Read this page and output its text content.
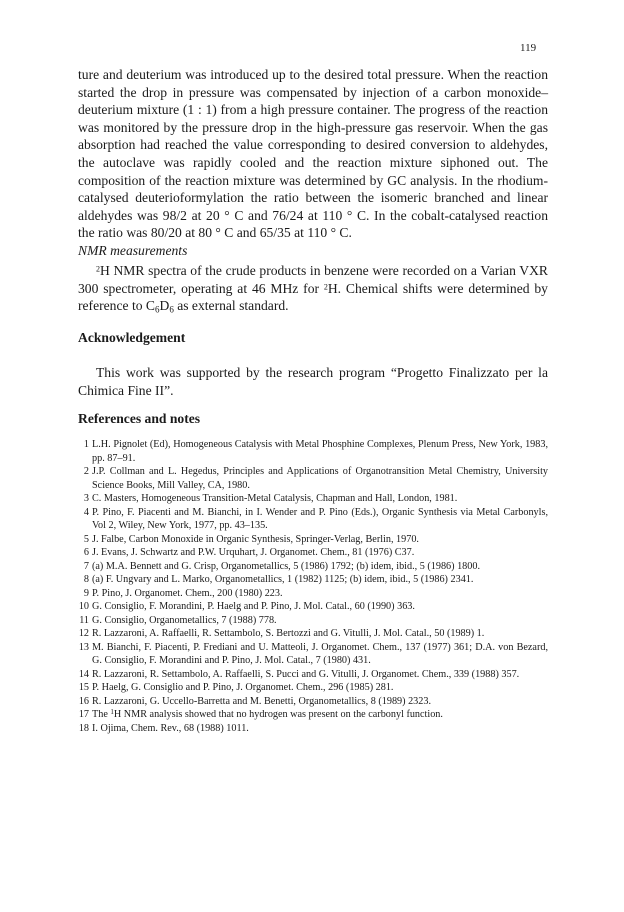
119

ture and deuterium was introduced up to the desired total pressure. When the reaction started the drop in pressure was compensated by injection of a carbon monoxide–deuterium mixture (1 : 1) from a high pressure container. The progress of the reaction was monitored by the pressure drop in the high-pressure gas reservoir. When the gas absorption had reached the value corresponding to desired conversion to aldehydes, the autoclave was rapidly cooled and the reaction mixture siphoned out. The composition of the reaction mixture was determined by GC analysis. In the rhodium-catalysed deuterioformylation the ratio between the isomeric branched and linear aldehydes was 98/2 at 20 ° C and 76/24 at 110 ° C. In the cobalt-catalysed reaction the ratio was 80/20 at 80 ° C and 65/35 at 110 ° C.

NMR measurements

$^2$H NMR spectra of the crude products in benzene were recorded on a Varian VXR 300 spectrometer, operating at 46 MHz for $^2$H. Chemical shifts were determined by reference to $C_6D_6$ as external standard.

Acknowledgement

This work was supported by the research program “Progetto Finalizzato per la Chimica Fine II”.

References and notes

1 L.H. Pignolet (Ed), Homogeneous Catalysis with Metal Phosphine Complexes, Plenum Press, New York, 1983, pp. 87–91.
2 J.P. Collman and L. Hegedus, Principles and Applications of Organotransition Metal Chemistry, University Science Books, Mill Valley, CA, 1980.
3 C. Masters, Homogeneous Transition-Metal Catalysis, Chapman and Hall, London, 1981.
4 P. Pino, F. Piacenti and M. Bianchi, in I. Wender and P. Pino (Eds.), Organic Synthesis via Metal Carbonyls, Vol 2, Wiley, New York, 1977, pp. 43–135.
5 J. Falbe, Carbon Monoxide in Organic Synthesis, Springer-Verlag, Berlin, 1970.
6 J. Evans, J. Schwartz and P.W. Urquhart, J. Organomet. Chem., 81 (1976) C37.
7 (a) M.A. Bennett and G. Crisp, Organometallics, 5 (1986) 1792; (b) idem, ibid., 5 (1986) 1800.
8 (a) F. Ungvary and L. Marko, Organometallics, 1 (1982) 1125; (b) idem, ibid., 5 (1986) 2341.
9 P. Pino, J. Organomet. Chem., 200 (1980) 223.
10 G. Consiglio, F. Morandini, P. Haelg and P. Pino, J. Mol. Catal., 60 (1990) 363.
11 G. Consiglio, Organometallics, 7 (1988) 778.
12 R. Lazzaroni, A. Raffaelli, R. Settambolo, S. Bertozzi and G. Vitulli, J. Mol. Catal., 50 (1989) 1.
13 M. Bianchi, F. Piacenti, P. Frediani and U. Matteoli, J. Organomet. Chem., 137 (1977) 361; D.A. von Bezard, G. Consiglio, F. Morandini and P. Pino, J. Mol. Catal., 7 (1980) 431.
14 R. Lazzaroni, R. Settambolo, A. Raffaelli, S. Pucci and G. Vitulli, J. Organomet. Chem., 339 (1988) 357.
15 P. Haelg, G. Consiglio and P. Pino, J. Organomet. Chem., 296 (1985) 281.
16 R. Lazzaroni, G. Uccello-Barretta and M. Benetti, Organometallics, 8 (1989) 2323.
17 The $^1$H NMR analysis showed that no hydrogen was present on the carbonyl function.
18 I. Ojima, Chem. Rev., 68 (1988) 1011.
